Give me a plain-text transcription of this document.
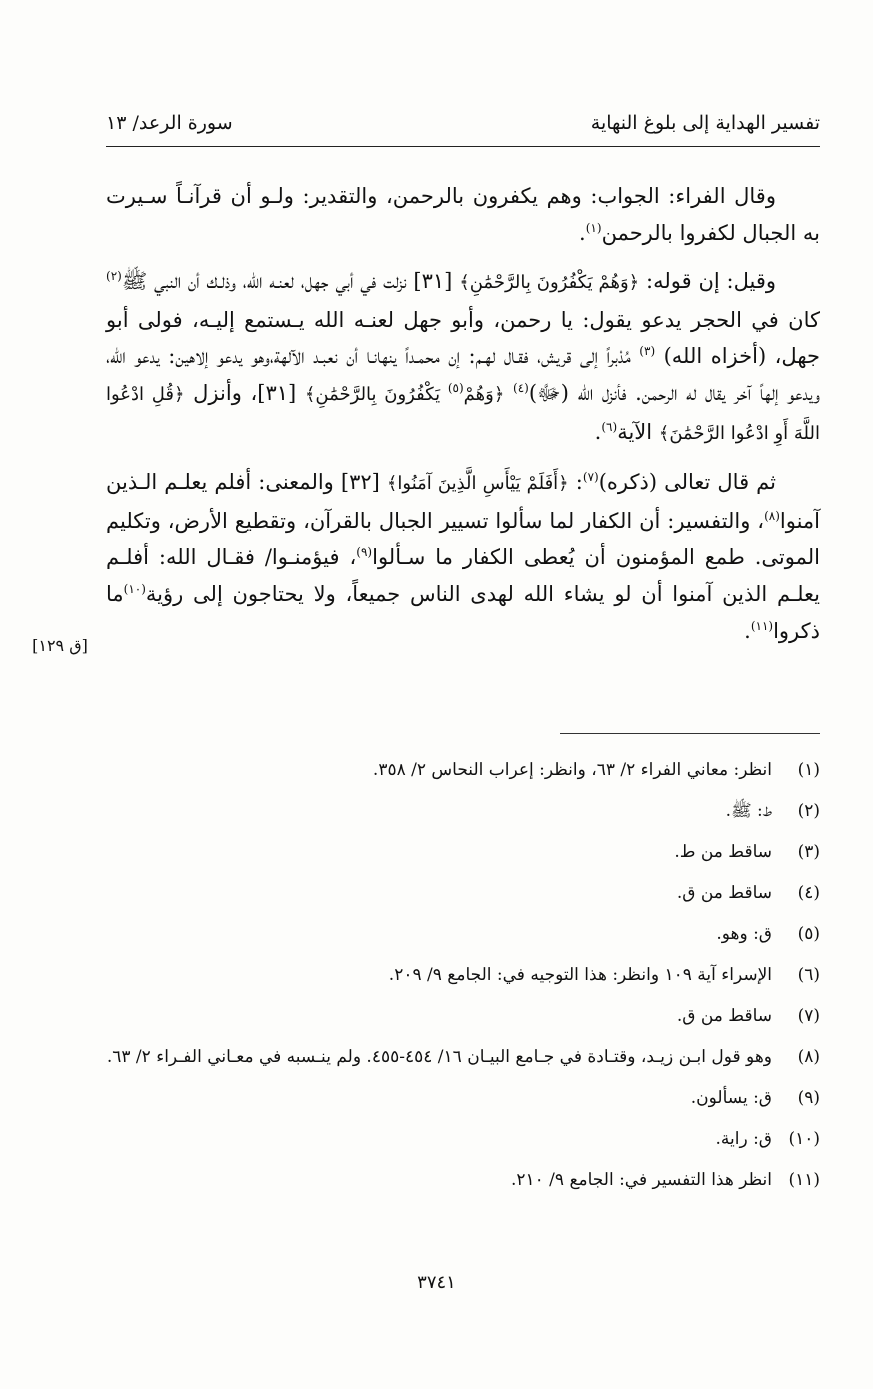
تفسير الهداية إلى بلوغ النهاية
سورة الرعد/ ١٣

وقال الفراء: الجواب: وهم يكفرون بالرحمن، والتقدير: ولـو أن قرآنـاً سـيرت به الجبال لكفروا بالرحمن$^{(١)}$.

وقيل: إن قوله: ﴿وَهُمْ يَكْفُرُونَ بِالرَّحْمَٰنِ﴾ [٣١] نزلت في أبي جهل، لعنـه الله، وذلـك أن النبي ﷺ$^{(٢)}$ كان في الحجر يدعو يقول: يا رحمن، وأبو جهل لعنـه الله يـستمع إليـه، فولى أبو جهل، (أخزاه الله) $^{(٣)}$ مُدْبراً إلى قريش، فقـال لهـم: إن محمـداً ينهانـا أن نعبـد الآلهة،وهو يدعو إلاهين: يدعو الله، ويدعو إلهاً آخر يقال له الرحمن. فأنزل الله (ﷻ)$^{(٤)}$ ﴿وَهُمْ$^{(٥)}$ يَكْفُرُونَ بِالرَّحْمَٰنِ﴾ [٣١]، وأنزل ﴿قُلِ ادْعُوا اللَّهَ أَوِ ادْعُوا الرَّحْمَٰنَ﴾ الآية$^{(٦)}$.

ثم قال تعالى (ذكره)$^{(٧)}$: ﴿أَفَلَمْ يَيْأَسِ الَّذِينَ آمَنُوا﴾ [٣٢] والمعنى: أفلم يعلـم الـذين آمنوا$^{(٨)}$، والتفسير: أن الكفار لما سألوا تسيير الجبال بالقرآن، وتقطيع الأرض، وتكليم الموتى. طمع المؤمنون أن يُعطى الكفار ما سـألوا$^{(٩)}$، فيؤمنـوا/ فقـال الله: أفلـم يعلـم الذين آمنوا أن لو يشاء الله لهدى الناس جميعاً، ولا يحتاجون إلى رؤية$^{(١٠)}$ما ذكروا$^{(١١)}$.

[ق ١٢٩]
(١)
انظر: معاني الفراء ٢/ ٦٣، وانظر: إعراب النحاس ٢/ ٣٥٨.
(٢)
ط: ﷺ.
(٣)
ساقط من ط.
(٤)
ساقط من ق.
(٥)
ق: وهو.
(٦)
الإسراء آية ١٠٩ وانظر: هذا التوجيه في: الجامع ٩/ ٢٠٩.
(٧)
ساقط من ق.
(٨)
وهو قول ابـن زيـد، وقتـادة في جـامع البيـان ١٦/ ٤٥٤-٤٥٥. ولم ينـسبه في معـاني الفـراء ٢/ ٦٣.
(٩)
ق: يسألون.
(١٠)
ق: راية.
(١١)
انظر هذا التفسير في: الجامع ٩/ ٢١٠.
٣٧٤١
